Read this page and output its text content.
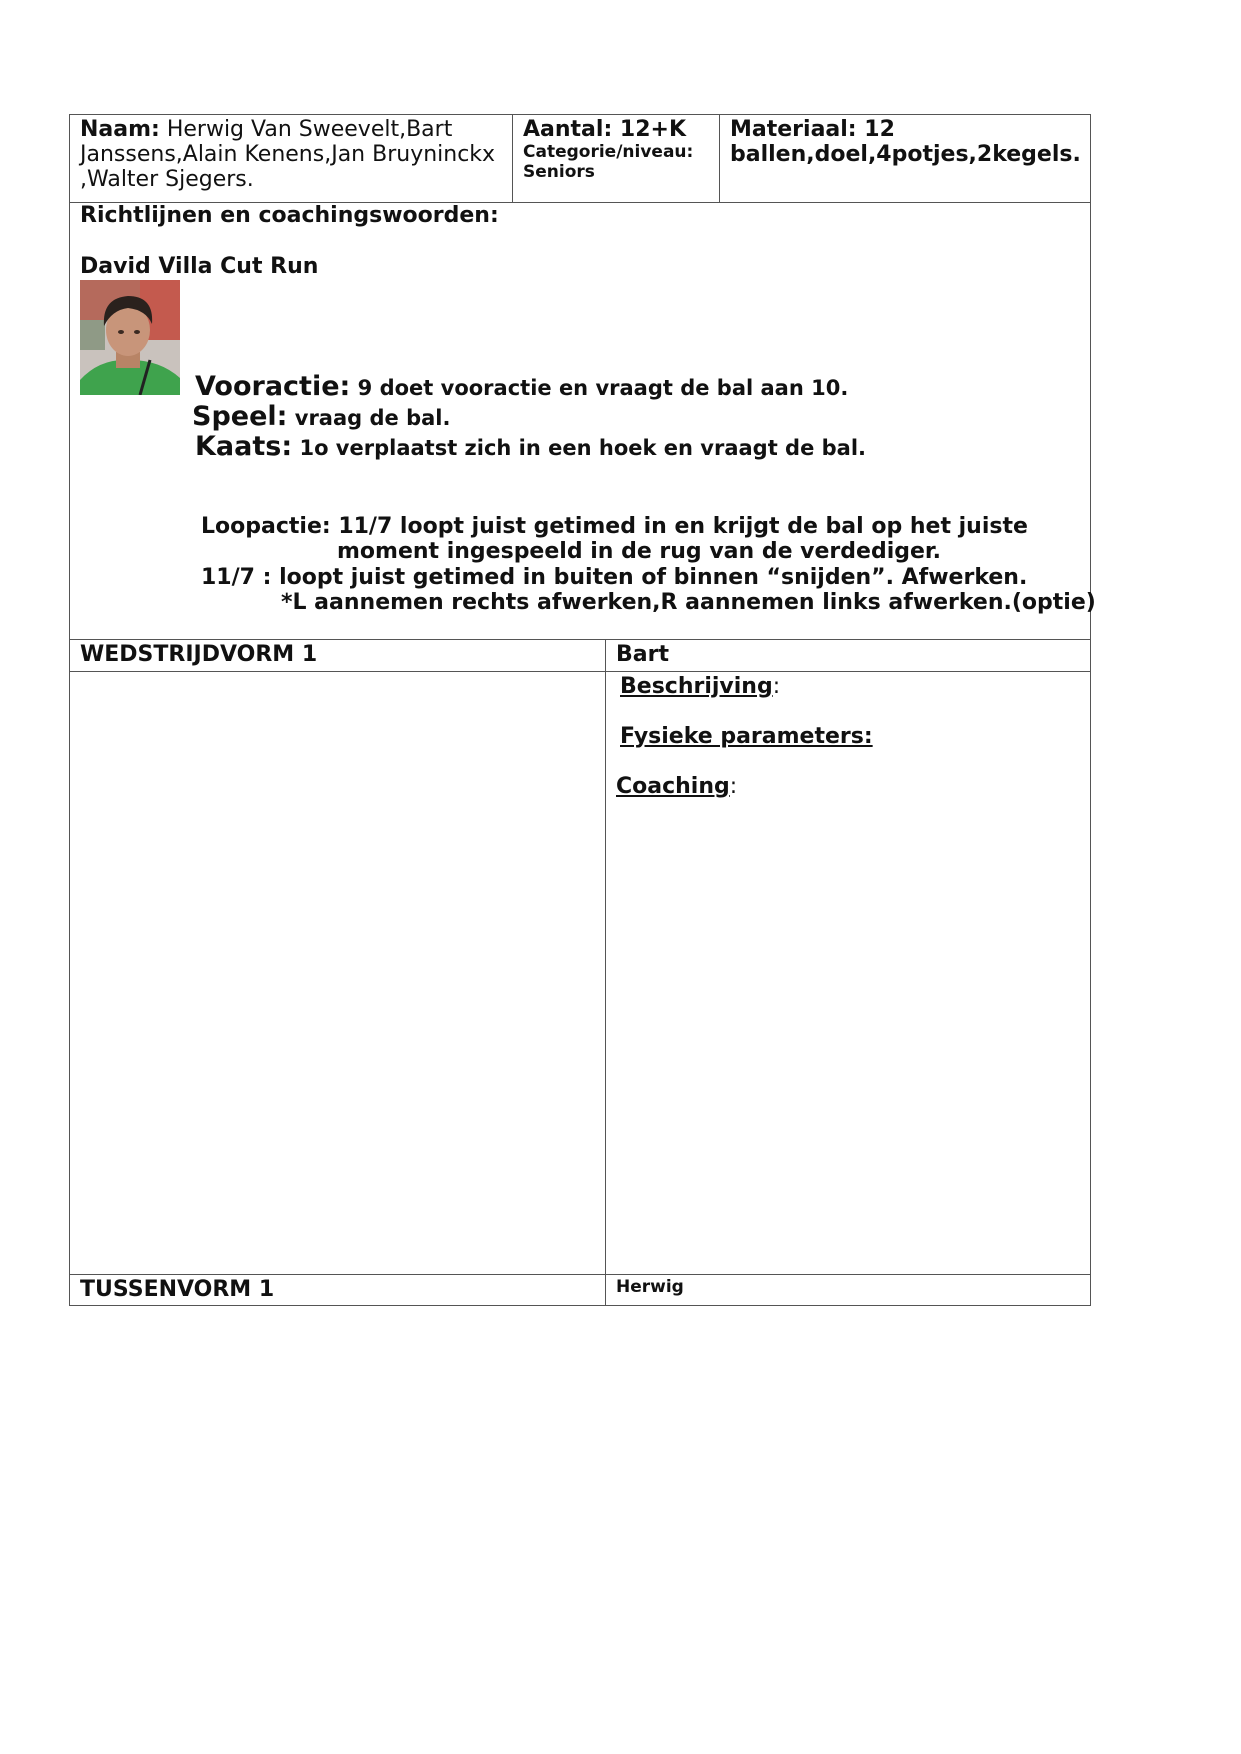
Naam: Herwig Van Sweevelt,Bart
Janssens,Alain Kenens,Jan Bruyninckx
,Walter Sjegers.
Aantal: 12+K
Categorie/niveau:
Seniors
Materiaal: 12
ballen,doel,4potjes,2kegels.
Richtlijnen en coachingswoorden:
David Villa Cut Run
Vooractie: 9 doet vooractie en vraagt de bal aan 10.
Speel: vraag de bal.
Kaats: 1o verplaatst zich in een hoek en vraagt de bal.
Loopactie: 11/7 loopt juist getimed in en krijgt de bal op het juiste
moment ingespeeld in de rug van de verdediger.
11/7 : loopt juist getimed in buiten of binnen “snijden”. Afwerken.
*L aannemen rechts afwerken,R aannemen links afwerken.(optie)
WEDSTRIJDVORM 1	Bart
Beschrijving:
Fysieke parameters:
Coaching:
TUSSENVORM 1	Herwig
